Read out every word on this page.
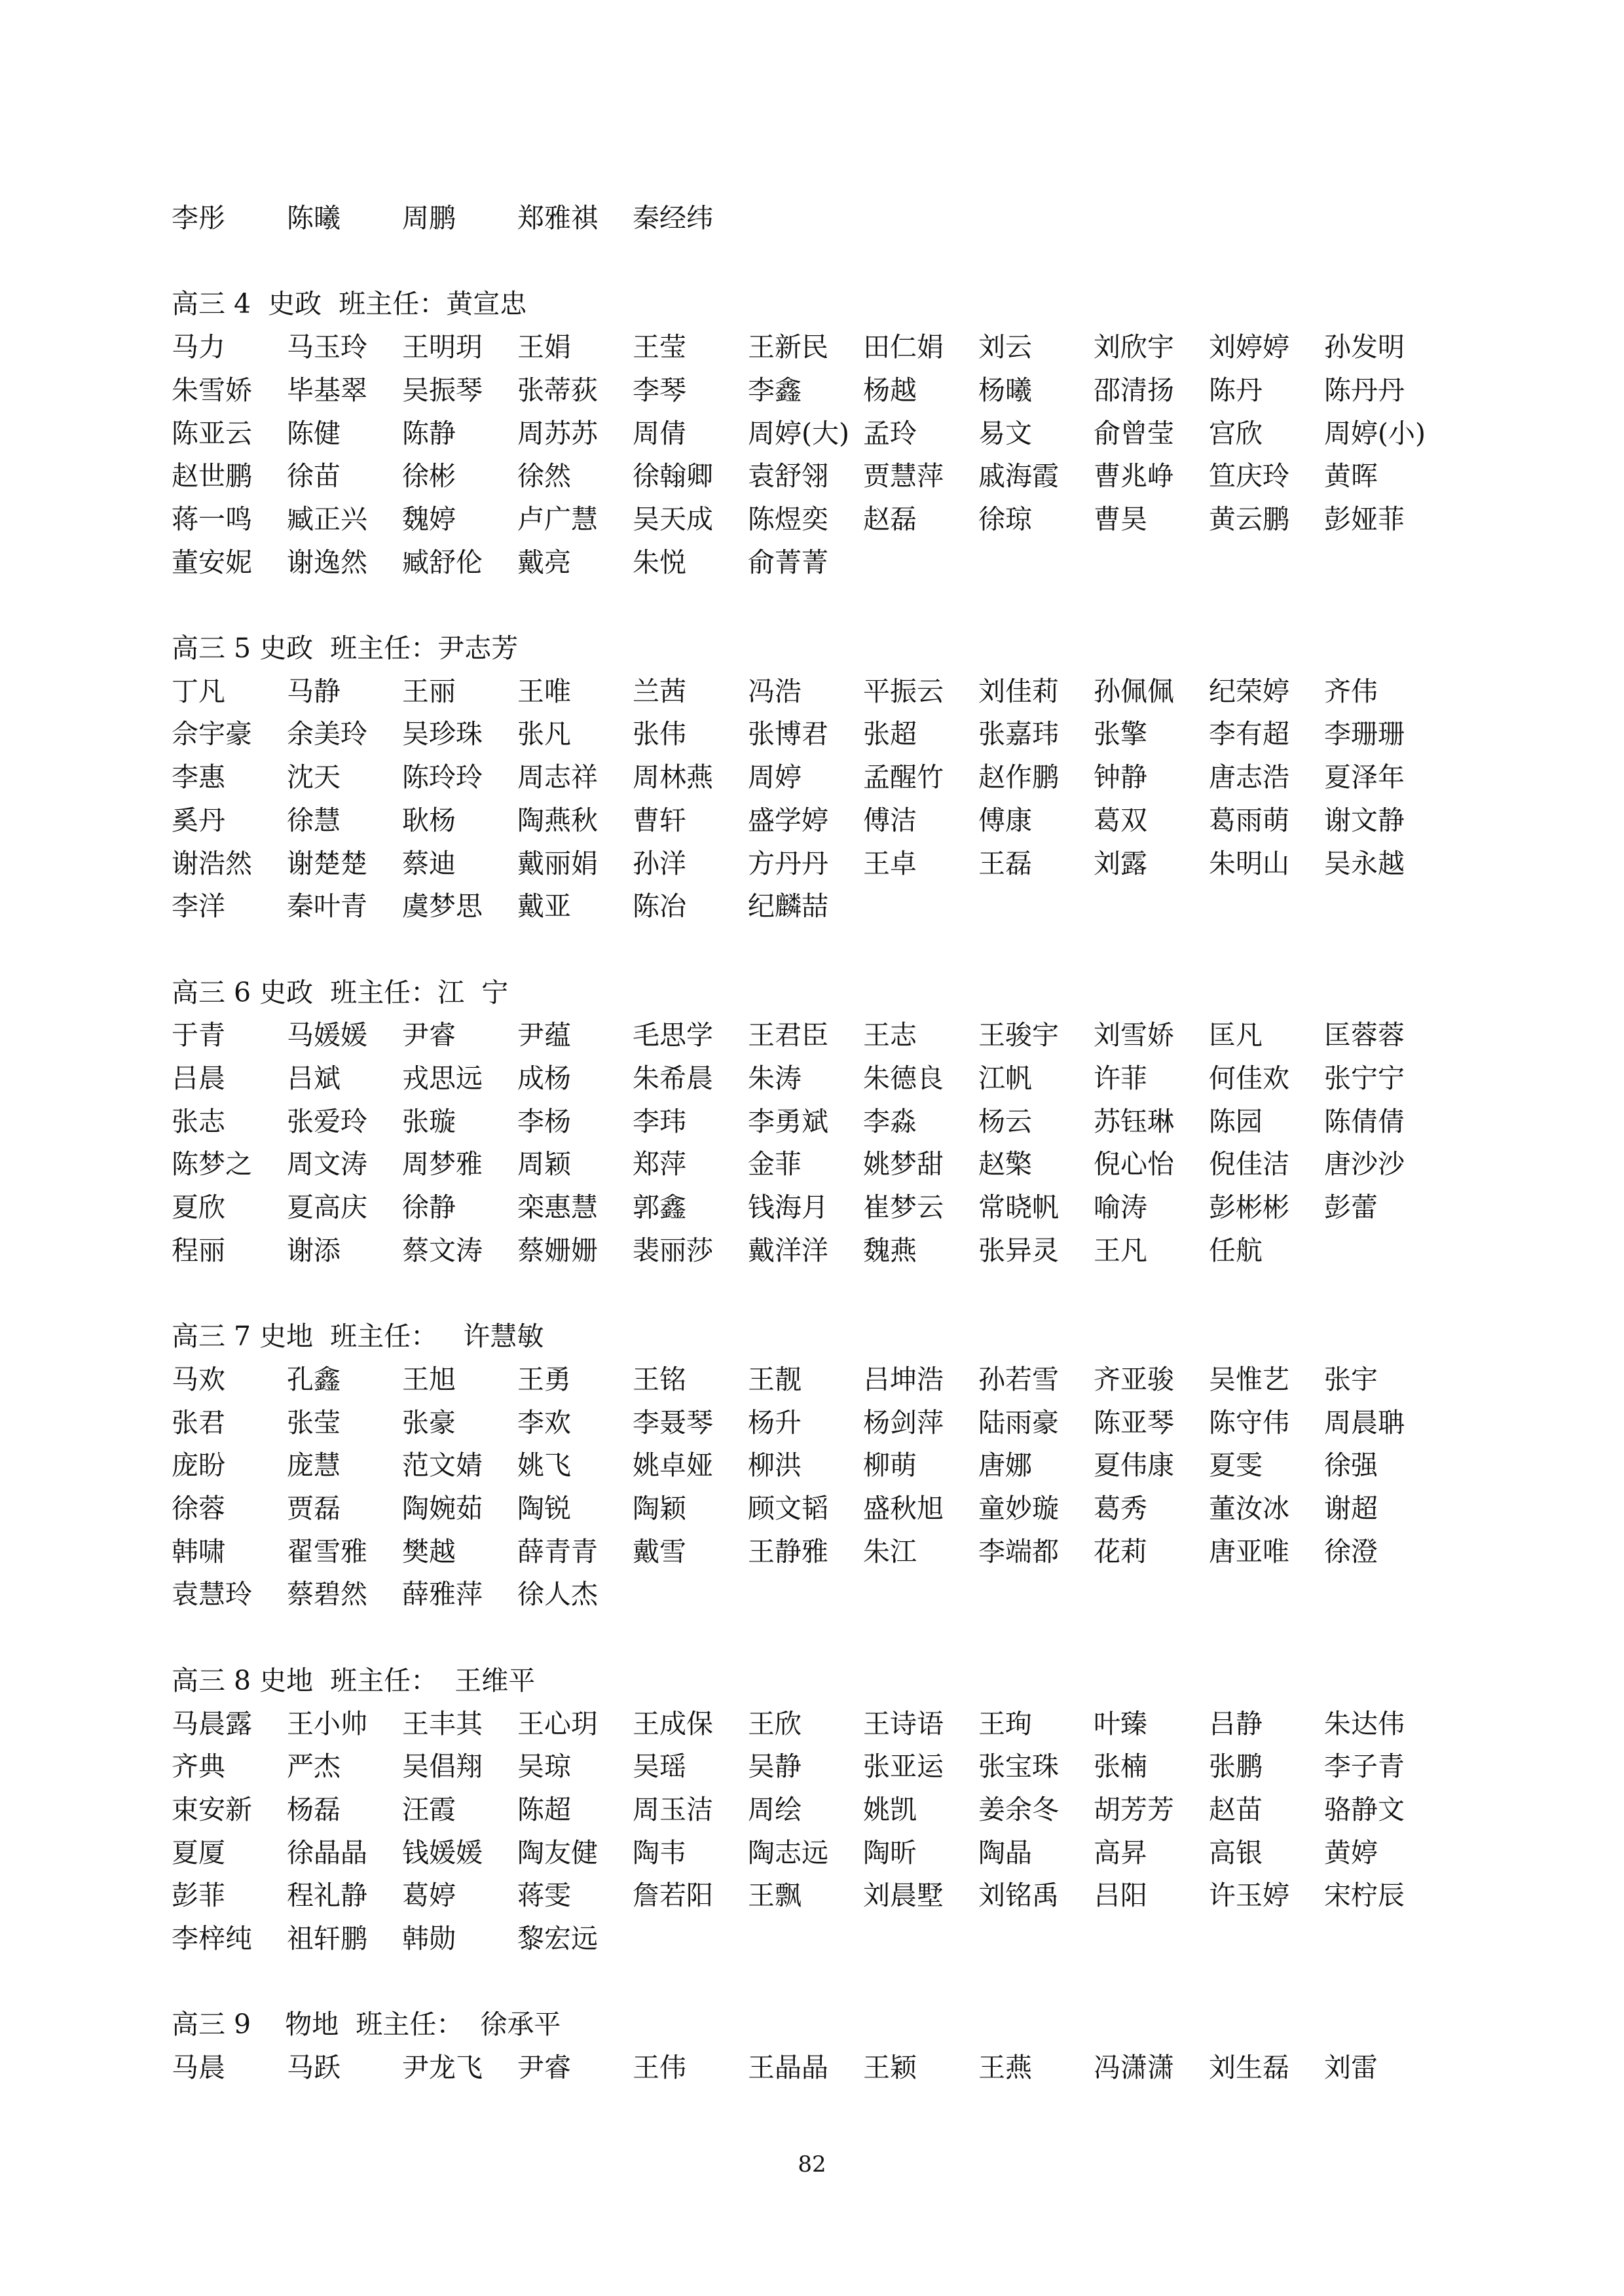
李彤 陈曦 周鹏 郑雅祺 秦经纬
高三 4  史政  班主任：黄宣忠
马力 马玉玲 王明玥 王娟 王莹 王新民 田仁娟 刘云 刘欣宇 刘婷婷 孙发明
朱雪娇 毕基翠 吴振琴 张蒂荻 李琴 李鑫 杨越 杨曦 邵清扬 陈丹 陈丹丹
陈亚云 陈健 陈静 周苏苏 周倩 周婷(大) 孟玲 易文 俞曾莹 宫欣 周婷(小)
赵世鹏 徐苗 徐彬 徐然 徐翰卿 袁舒翎 贾慧萍 戚海霞 曹兆峥 笪庆玲 黄晖
蒋一鸣 臧正兴 魏婷 卢广慧 吴天成 陈煜奕 赵磊 徐琼 曹昊 黄云鹏 彭娅菲
董安妮 谢逸然 臧舒伦 戴亮 朱悦 俞菁菁
高三 5 史政  班主任：尹志芳
丁凡 马静 王丽 王唯 兰茜 冯浩 平振云 刘佳莉 孙佩佩 纪荣婷 齐伟
佘宇豪 余美玲 吴珍珠 张凡 张伟 张博君 张超 张嘉玮 张擎 李有超 李珊珊
李惠 沈天 陈玲玲 周志祥 周林燕 周婷 孟醒竹 赵作鹏 钟静 唐志浩 夏泽年
奚丹 徐慧 耿杨 陶燕秋 曹轩 盛学婷 傅洁 傅康 葛双 葛雨萌 谢文静
谢浩然 谢楚楚 蔡迪 戴丽娟 孙洋 方丹丹 王卓 王磊 刘露 朱明山 吴永越
李洋 秦叶青 虞梦思 戴亚 陈冶 纪麟喆
高三 6 史政  班主任：江  宁
于青 马媛媛 尹睿 尹蕴 毛思学 王君臣 王志 王骏宇 刘雪娇 匡凡 匡蓉蓉
吕晨 吕斌 戎思远 成杨 朱希晨 朱涛 朱德良 江帆 许菲 何佳欢 张宁宁
张志 张爱玲 张璇 李杨 李玮 李勇斌 李淼 杨云 苏钰琳 陈园 陈倩倩
陈梦之 周文涛 周梦雅 周颖 郑萍 金菲 姚梦甜 赵檠 倪心怡 倪佳洁 唐沙沙
夏欣 夏高庆 徐静 栾惠慧 郭鑫 钱海月 崔梦云 常晓帆 喻涛 彭彬彬 彭蕾
程丽 谢添 蔡文涛 蔡姗姗 裴丽莎 戴洋洋 魏燕 张异灵 王凡 任航
高三 7 史地  班主任：   许慧敏
马欢 孔鑫 王旭 王勇 王铭 王靓 吕坤浩 孙若雪 齐亚骏 吴惟艺 张宇
张君 张莹 张豪 李欢 李聂琴 杨升 杨剑萍 陆雨豪 陈亚琴 陈守伟 周晨聃
庞盼 庞慧 范文婧 姚飞 姚卓娅 柳洪 柳萌 唐娜 夏伟康 夏雯 徐强
徐蓉 贾磊 陶婉茹 陶锐 陶颖 顾文韬 盛秋旭 童妙璇 葛秀 董汝冰 谢超
韩啸 翟雪雅 樊越 薛青青 戴雪 王静雅 朱江 李端都 花莉 唐亚唯 徐澄
袁慧玲 蔡碧然 薛雅萍 徐人杰
高三 8 史地  班主任：  王维平
马晨露 王小帅 王丰其 王心玥 王成保 王欣 王诗语 王珣 叶臻 吕静 朱达伟
齐典 严杰 吴倡翔 吴琼 吴瑶 吴静 张亚运 张宝珠 张楠 张鹏 李子青
束安新 杨磊 汪霞 陈超 周玉洁 周绘 姚凯 姜余冬 胡芳芳 赵苗 骆静文
夏厦 徐晶晶 钱媛媛 陶友健 陶韦 陶志远 陶昕 陶晶 高昇 高银 黄婷
彭菲 程礼静 葛婷 蒋雯 詹若阳 王飘 刘晨墅 刘铭禹 吕阳 许玉婷 宋柠辰
李梓纯 祖轩鹏 韩勋 黎宏远
高三 9    物地  班主任：  徐承平
马晨 马跃 尹龙飞 尹睿 王伟 王晶晶 王颖 王燕 冯潇潇 刘生磊 刘雷
82
